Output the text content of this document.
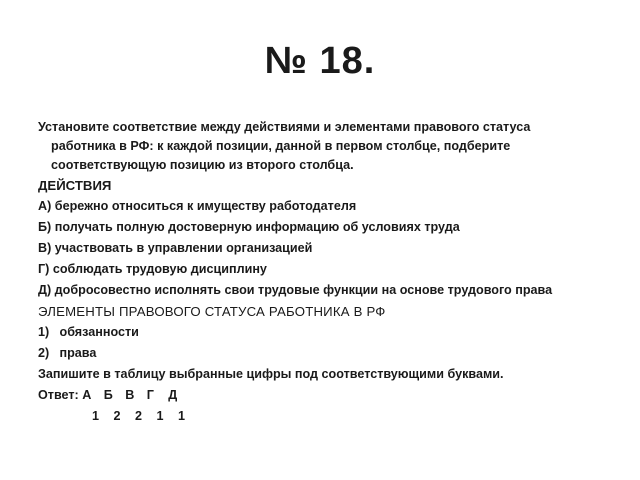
№ 18.

Установите соответствие между действиями и элементами правового статуса
работника в РФ: к каждой позиции, данной в первом столбце, подберите
соответствующую позицию из второго столбца.

ДЕЙСТВИЯ

А) бережно относиться к имуществу работодателя

Б) получать полную достоверную информацию об условиях труда

В) участвовать в управлении организацией

Г) соблюдать трудовую дисциплину

Д) добросовестно исполнять свои трудовые функции на основе трудового права

ЭЛЕМЕНТЫ ПРАВОВОГО СТАТУСА РАБОТНИКА В РФ

1) обязанности

2) права

Запишите в таблицу выбранные цифры под соответствующими буквами.

Ответ: А Б В Г Д

1 2 2 1 1
